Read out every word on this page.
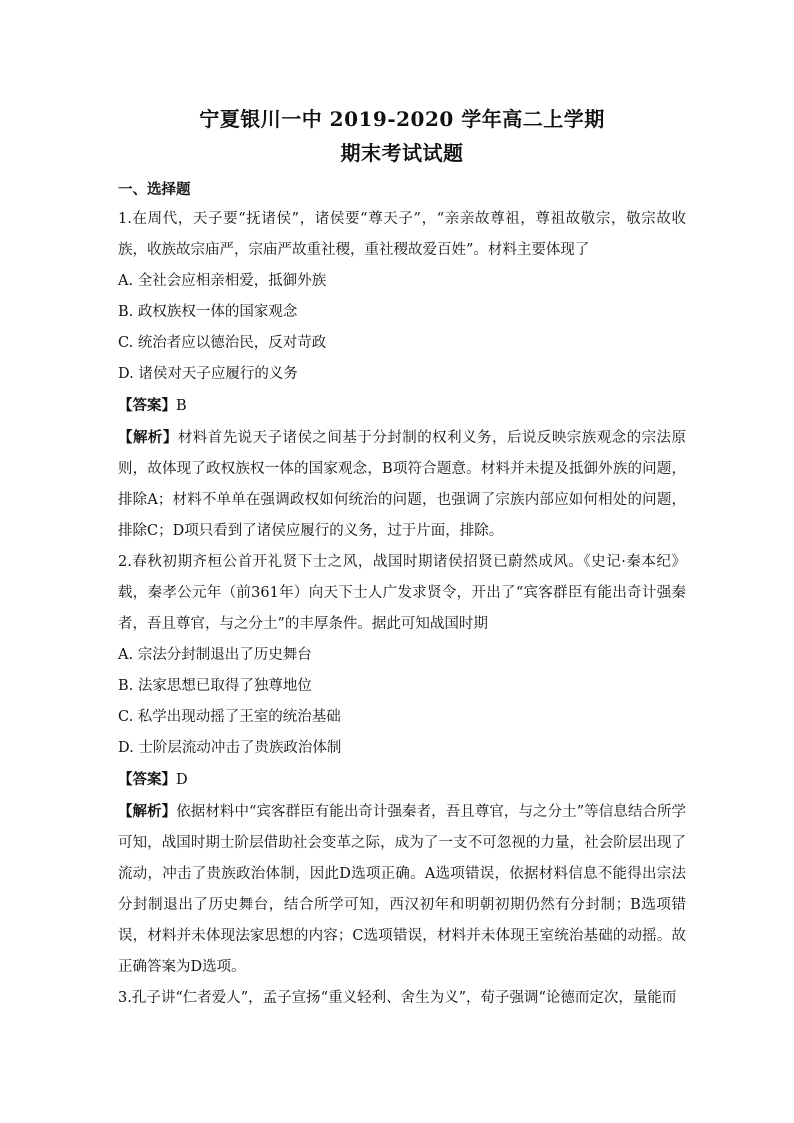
宁夏银川一中 2019-2020 学年高二上学期
期末考试试题

一、选择题

1.在周代，天子要“抚诸侯”，诸侯要“尊天子”，“亲亲故尊祖，尊祖故敬宗，敬宗故收族，收族故宗庙严，宗庙严故重社稷，重社稷故爱百姓”。材料主要体现了

A. 全社会应相亲相爱，抵御外族

B. 政权族权一体的国家观念

C. 统治者应以德治民，反对苛政

D. 诸侯对天子应履行的义务

【答案】B

【解析】材料首先说天子诸侯之间基于分封制的权利义务，后说反映宗族观念的宗法原则，故体现了政权族权一体的国家观念，B项符合题意。材料并未提及抵御外族的问题，排除A；材料不单单在强调政权如何统治的问题，也强调了宗族内部应如何相处的问题，排除C；D项只看到了诸侯应履行的义务，过于片面，排除。

2.春秋初期齐桓公首开礼贤下士之风，战国时期诸侯招贤已蔚然成风。《史记·秦本纪》载，秦孝公元年（前361年）向天下士人广发求贤令，开出了“宾客群臣有能出奇计强秦者，吾且尊官，与之分土”的丰厚条件。据此可知战国时期

A. 宗法分封制退出了历史舞台

B. 法家思想已取得了独尊地位

C. 私学出现动摇了王室的统治基础

D. 士阶层流动冲击了贵族政治体制

【答案】D

【解析】依据材料中“宾客群臣有能出奇计强秦者，吾且尊官，与之分土”等信息结合所学可知，战国时期士阶层借助社会变革之际，成为了一支不可忽视的力量，社会阶层出现了流动，冲击了贵族政治体制，因此D选项正确。A选项错误，依据材料信息不能得出宗法分封制退出了历史舞台，结合所学可知，西汉初年和明朝初期仍然有分封制；B选项错误，材料并未体现法家思想的内容；C选项错误，材料并未体现王室统治基础的动摇。故正确答案为D选项。

3.孔子讲“仁者爱人”，孟子宣扬“重义轻利、舍生为义”，荀子强调“论德而定次，量能而
